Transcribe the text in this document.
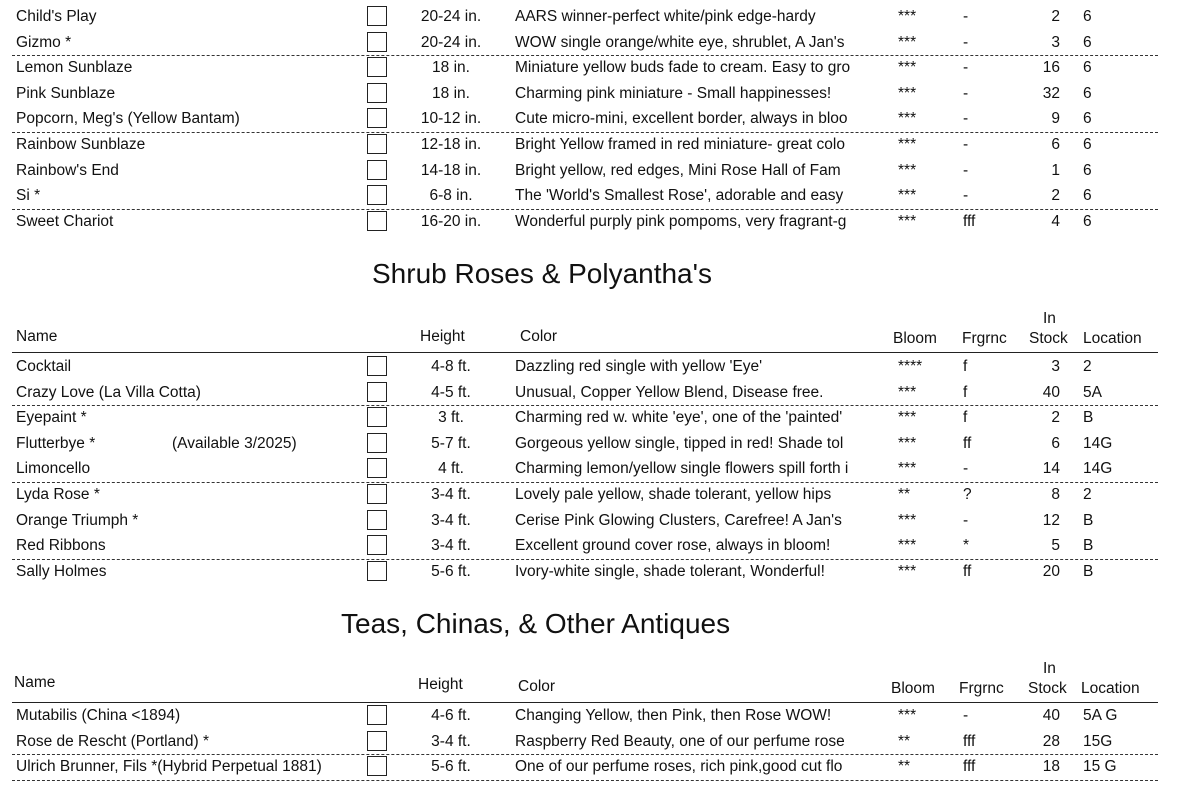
Child's Play	20-24 in.	AARS winner-perfect white/pink edge-hardy	***	-	2 6
Gizmo *	20-24 in.	WOW single orange/white eye, shrublet, A Jan's	***	-	3 6
Lemon Sunblaze	18 in.	Miniature yellow buds fade to cream. Easy to gro	***	-	16 6
Pink Sunblaze	18 in.	Charming pink miniature - Small happinesses!	***	-	32 6
Popcorn, Meg's (Yellow Bantam)	10-12 in.	Cute micro-mini, excellent border, always in bloo	***	-	9 6
Rainbow Sunblaze	12-18 in.	Bright Yellow framed in red miniature- great colo	***	-	6 6
Rainbow's End	14-18 in.	Bright yellow, red edges, Mini Rose Hall of Fam	***	-	1 6
Si *	6-8 in.	The 'World's Smallest Rose', adorable and easy	***	-	2 6
Sweet Chariot	16-20 in.	Wonderful purply pink pompoms, very fragrant-g	***	fff	4 6
Shrub Roses & Polyantha's
Name	Height	Color	Bloom Frgrnc
In
Stock Location
Cocktail	4-8 ft.	Dazzling red single with yellow 'Eye'	****	f	3 2
Crazy Love (La Villa Cotta)	4-5 ft.	Unusual, Copper Yellow Blend, Disease free.	***	f	40 5A
Eyepaint *	3 ft.	Charming red w. white 'eye', one of the 'painted'	***	f	2 B
Flutterbye *	(Available 3/2025)	5-7 ft.	Gorgeous yellow single, tipped in red! Shade tol	***	ff	6 14G
Limoncello	4 ft.	Charming lemon/yellow single flowers spill forth i	***	-	14 14G
Lyda Rose *	3-4 ft.	Lovely pale yellow, shade tolerant, yellow hips	**	?	8 2
Orange Triumph *	3-4 ft.	Cerise Pink Glowing Clusters, Carefree! A Jan's	***	-	12 B
Red Ribbons	3-4 ft.	Excellent ground cover rose, always in bloom!	***	*	5 B
Sally Holmes	5-6 ft.	Ivory-white single, shade tolerant, Wonderful!	***	ff	20 B
Teas, Chinas, & Other Antiques
Name	Height	Color	Bloom Frgrnc
In
Stock Location
Mutabilis (China <1894)	4-6 ft.	Changing Yellow, then Pink, then Rose WOW!	***	-	40 5A G
Rose de Rescht (Portland) *	3-4 ft.	Raspberry Red Beauty, one of our perfume rose	**	fff	28 15G
Ulrich Brunner, Fils *(Hybrid Perpetual 1881)	5-6 ft.	One of our perfume roses, rich pink,good cut flo	**	fff	18 15 G
